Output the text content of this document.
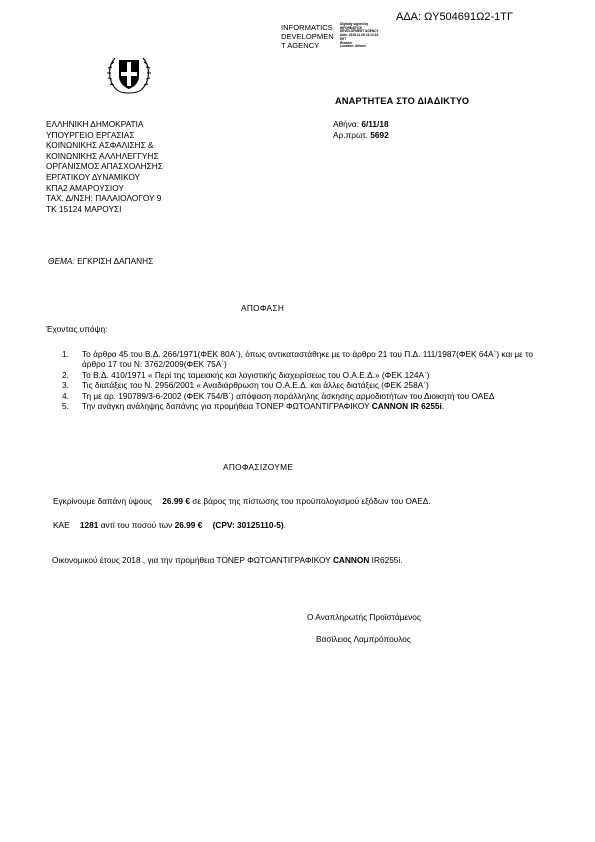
ΑΔΑ: ΩΥ504691Ω2-1ΤΓ
INFORMATICS
DEVELOPMEN
T AGENCY
Digitally signed by
INFORMATICS
DEVELOPMENT AGENCY
Date: 2018.11.06 13:13:18
EET
Reason:
Location: Athens
ΑΝΑΡΤΗΤΕΑ ΣΤΟ ΔΙΑΔΙΚΤΥΟ
ΕΛΛΗΝΙΚΗ ΔΗΜΟΚΡΑΤΙΑ
ΥΠΟΥΡΓΕΙΟ ΕΡΓΑΣΙΑΣ
ΚΟΙΝΩΝΙΚΗΣ ΑΣΦΑΛΙΣΗΣ &
ΚΟΙΝΩΝΙΚΗΣ ΑΛΛΗΛΕΓΓΥΗΣ
ΟΡΓΑΝΙΣΜΟΣ ΑΠΑΣΧΟΛΗΣΗΣ
ΕΡΓΑΤΙΚΟΥ ΔΥΝΑΜΙΚΟΥ
ΚΠΑ2 ΑΜΑΡΟΥΣΙΟΥ
ΤΑΧ. Δ/ΝΣΗ: ΠΑΛΑΙΟΛΟΓΟΥ 9
ΤΚ 15124 ΜΑΡΟΥΣΙ
Αθήνα: 6/11/18
Αρ.πρωτ. 5692
ΘΕΜΑ: ΕΓΚΡΙΣΗ ΔΑΠΑΝΗΣ
ΑΠΟΦΑΣΗ
Έχοντας υπόψη:
1. Το άρθρο 45 του Β.Δ. 266/1971(ΦΕΚ 80Α΄), όπως αντικαταστάθηκε με το άρθρο 21 του Π.Δ. 111/1987(ΦΕΚ 64Α΄) και με το άρθρο 17 του Ν. 3762/2009(ΦΕΚ 75Α΄)
2. Το Β.Δ. 410/1971 « Περί της ταμειακής και λογιστικής διαχειρίσεως του Ο.Α.Ε.Δ.» (ΦΕΚ 124Α΄)
3. Τις διατάξεις του Ν. 2956/2001 « Αναδιάρθρωση του Ο.Α.Ε.Δ. και άλλες διατάξεις (ΦΕΚ 258Α΄)
4. Τη με αρ. 190789/3-6-2002 (ΦΕΚ 754/Β΄) απόφαση παράλληλης άσκησης αρμοδιοτήτων του Διοικητή του ΟΑΕΔ
5. Την ανάγκη ανάληψης δαπάνης για προμήθεια ΤΟΝΕΡ ΦΩΤΟΑΝΤΙΓΡΑΦΙΚΟΥ CANNON IR 6255i.
ΑΠΟΦΑΣΙΖΟΥΜΕ
Εγκρίνουμε δαπάνη ύψους 26.99 € σε βάρος της πίστωσης του προϋπολογισμού εξόδων του ΟΑΕΔ.
ΚΑΕ 1281 αντί του ποσού των 26.99 € (CPV: 30125110-5).
Οικονομικού έτους 2018 , για την προμήθεια ΤΟΝΕΡ ΦΩΤΟΑΝΤΙΓΡΑΦΙΚΟΥ CANNON IR6255i.
Ο Αναπληρωτής Προϊστάμενος
Βασίλειος Λαμπρόπουλος
